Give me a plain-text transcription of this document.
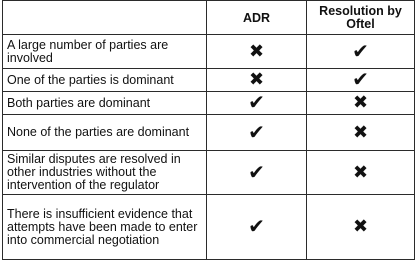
	ADR	Resolution by Oftel
A large number of parties are involved	✖	✔
One of the parties is dominant	✖	✔
Both parties are dominant	✔	✖
None of the parties are dominant	✔	✖
Similar disputes are resolved in other industries without the intervention of the regulator	✔	✖
There is insufficient evidence that attempts have been made to enter into commercial negotiation	✔	✖
